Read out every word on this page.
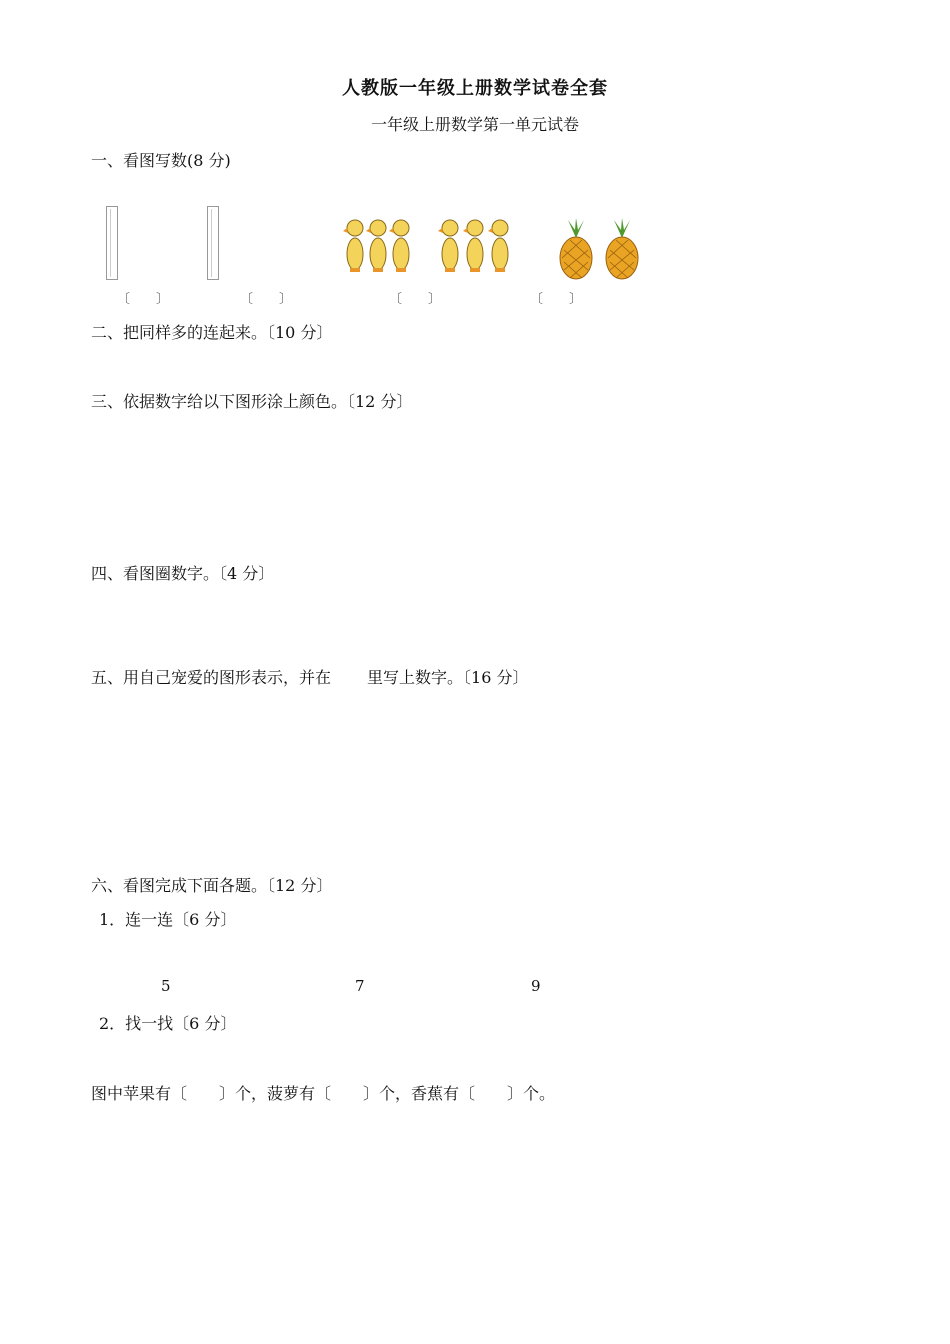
人教版一年级上册数学试卷全套
一年级上册数学第一单元试卷
一、看图写数(8 分)
〔　　〕	〔　　〕	〔　　〕	〔　　〕
二、把同样多的连起来。〔10 分〕
三、依据数字给以下图形涂上颜色。〔12 分〕
四、看图圈数字。〔4 分〕
五、用自己宠爱的图形表示，并在 里写上数字。〔16 分〕
六、看图完成下面各题。〔12 分〕
1．连一连〔6 分〕
5	7	9
2．找一找〔6 分〕
图中苹果有〔　　〕个，菠萝有〔　　〕个，香蕉有〔　　〕个。
